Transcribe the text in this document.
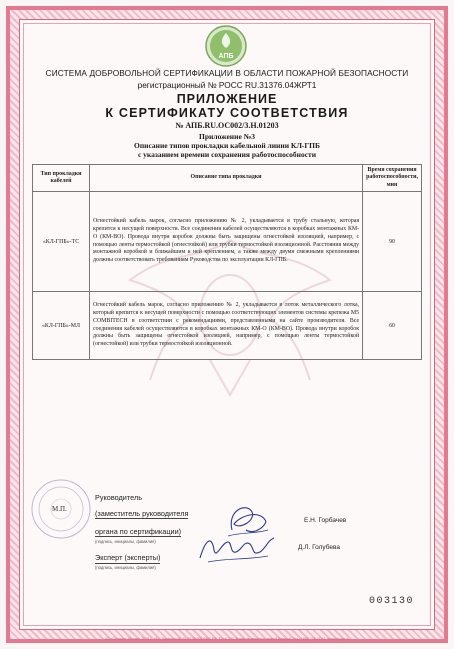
АПБ
СИСТЕМА ДОБРОВОЛЬНОЙ СЕРТИФИКАЦИИ В ОБЛАСТИ ПОЖАРНОЙ БЕЗОПАСНОСТИ
регистрационный № РОСС RU.31376.04ЖРТ1
ПРИЛОЖЕНИЕ
К СЕРТИФИКАТУ СООТВЕТСТВИЯ
№ АПБ.RU.ОС002/3.Н.01203
Приложение №3
Описание типов прокладки кабельной линии КЛ-ГПБ
с указанием времени сохранения работоспособности
Тип прокладки кабелей	Описание типа прокладки	Время сохранения работоспособности, мин
«КЛ-ГПБ»-ТС	Огнестойкий кабель марок, согласно приложению № 2, укладывается в трубу стальную, которая крепится к несущей поверхности. Все соединения кабелей осуществляются в коробках монтажных КМ-О (КМ-ВО). Провода внутри коробок должны быть защищены огнестойкой изоляцией, например, с помощью ленты термостойкой (огнестойкой) или трубки термостойкой изоляционной. Расстояния между монтажной коробкой и ближайшим к ней креплением, а также между двумя смежными креплениями должны соответствовать требованиям Руководства по эксплуатации КЛ-ГПБ.	90
«КЛ-ГПБ»-МЛ	Огнестойкий кабель марок, согласно приложению № 2, укладывается в лоток металлического лотка, который крепится к несущей поверхности с помощью соответствующих элементов системы крепежа M5 COMBITECH в соответствии с рекомендациями, представленными на сайте производителя. Все соединения кабелей осуществляются в коробках монтажных КМ-О (КМ-ВО). Провода внутри коробок должны быть защищены огнестойкой изоляцией, например, с помощью ленты термостойкой (огнестойкой) или трубки термостойкой изоляционной.	60
М.П.
Руководитель
(заместитель руководителя
органа по сертификации)
(подпись, инициалы, фамилия)
Е.Н. Горбачев
Эксперт (эксперты)
(подпись, инициалы, фамилия)
Д.Л. Голубева
003130
АО «Опцион», Москва, 2018 г., «Б», Лицензия № 05-05-09/003 ФНС РФ, ТЗ № 130. Бланк не является ценной бумагой. Тел.: (495) 726-47-42, www.opcion.ru
